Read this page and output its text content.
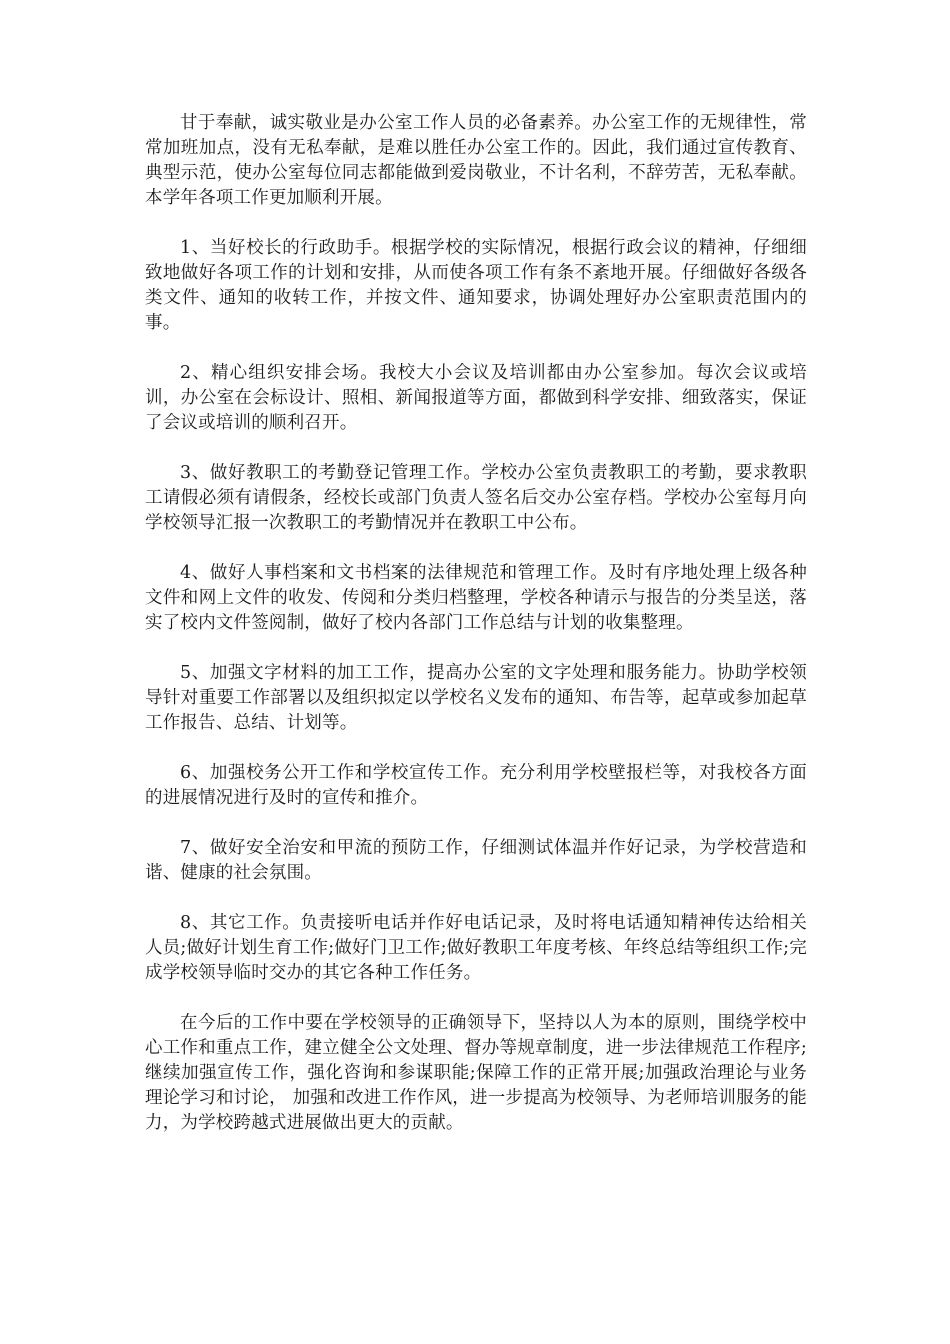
甘于奉献，诚实敬业是办公室工作人员的必备素养。办公室工作的无规律性，常常加班加点，没有无私奉献，是难以胜任办公室工作的。因此，我们通过宣传教育、典型示范，使办公室每位同志都能做到爱岗敬业，不计名利，不辞劳苦，无私奉献。本学年各项工作更加顺利开展。

1、当好校长的行政助手。根据学校的实际情况，根据行政会议的精神，仔细细致地做好各项工作的计划和安排，从而使各项工作有条不紊地开展。仔细做好各级各类文件、通知的收转工作，并按文件、通知要求，协调处理好办公室职责范围内的事。

2、精心组织安排会场。我校大小会议及培训都由办公室参加。每次会议或培训，办公室在会标设计、照相、新闻报道等方面，都做到科学安排、细致落实，保证了会议或培训的顺利召开。

3、做好教职工的考勤登记管理工作。学校办公室负责教职工的考勤，要求教职工请假必须有请假条，经校长或部门负责人签名后交办公室存档。学校办公室每月向学校领导汇报一次教职工的考勤情况并在教职工中公布。

4、做好人事档案和文书档案的法律规范和管理工作。及时有序地处理上级各种文件和网上文件的收发、传阅和分类归档整理，学校各种请示与报告的分类呈送，落实了校内文件签阅制，做好了校内各部门工作总结与计划的收集整理。

5、加强文字材料的加工工作，提高办公室的文字处理和服务能力。协助学校领导针对重要工作部署以及组织拟定以学校名义发布的通知、布告等，起草或参加起草工作报告、总结、计划等。

6、加强校务公开工作和学校宣传工作。充分利用学校壁报栏等，对我校各方面的进展情况进行及时的宣传和推介。

7、做好安全治安和甲流的预防工作，仔细测试体温并作好记录，为学校营造和谐、健康的社会氛围。

8、其它工作。负责接听电话并作好电话记录，及时将电话通知精神传达给相关人员;做好计划生育工作;做好门卫工作;做好教职工年度考核、年终总结等组织工作;完成学校领导临时交办的其它各种工作任务。

在今后的工作中要在学校领导的正确领导下，坚持以人为本的原则，围绕学校中心工作和重点工作，建立健全公文处理、督办等规章制度，进一步法律规范工作程序;继续加强宣传工作，强化咨询和参谋职能;保障工作的正常开展;加强政治理论与业务理论学习和讨论， 加强和改进工作作风，进一步提高为校领导、为老师培训服务的能力，为学校跨越式进展做出更大的贡献。
